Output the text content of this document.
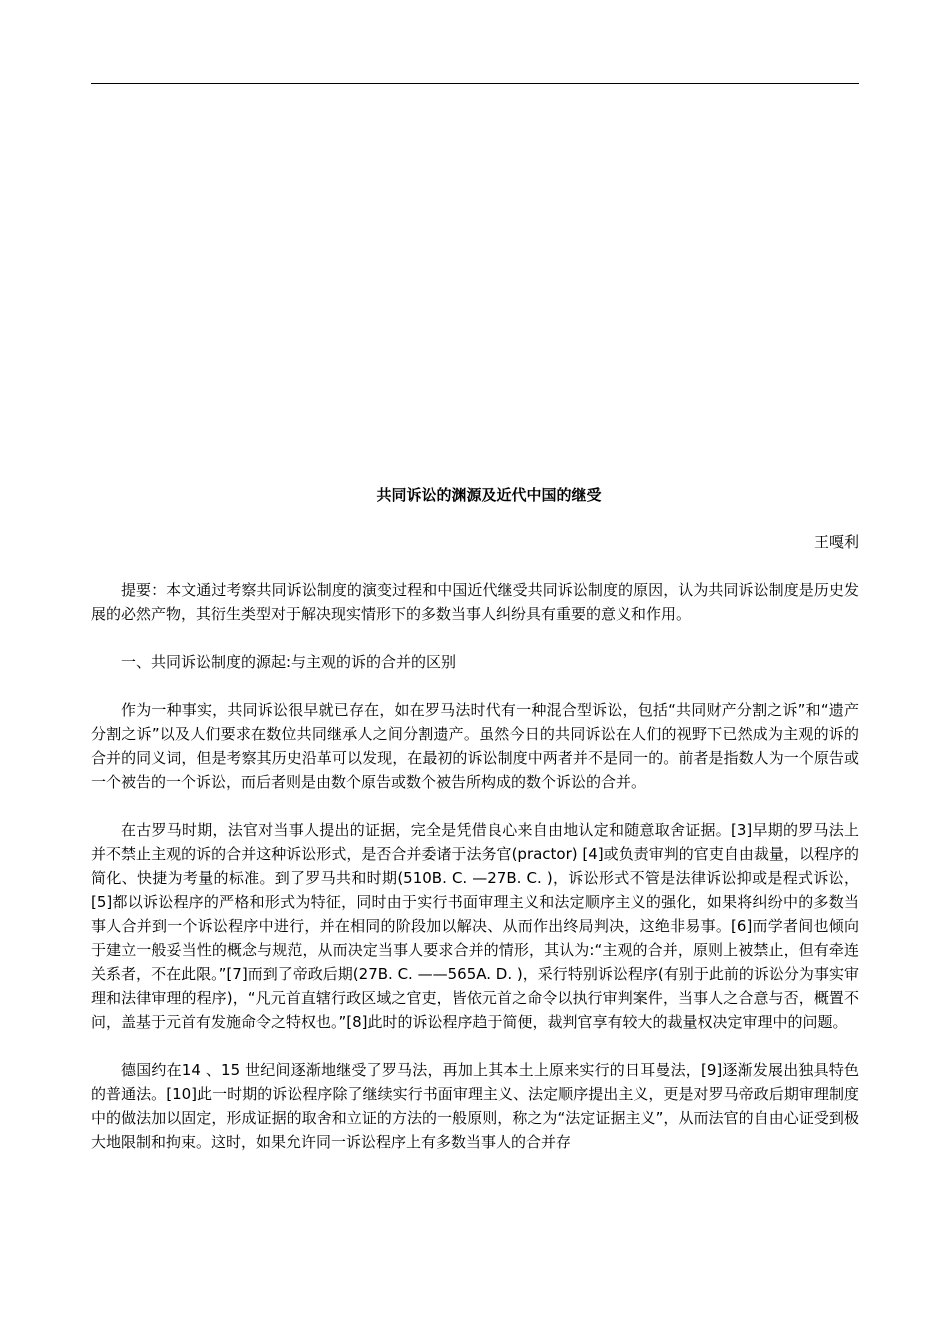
共同诉讼的渊源及近代中国的继受

王嘎利

提要：本文通过考察共同诉讼制度的演变过程和中国近代继受共同诉讼制度的原因，认为共同诉讼制度是历史发展的必然产物，其衍生类型对于解决现实情形下的多数当事人纠纷具有重要的意义和作用。

一、共同诉讼制度的源起:与主观的诉的合并的区别

作为一种事实，共同诉讼很早就已存在，如在罗马法时代有一种混合型诉讼，包括“共同财产分割之诉”和“遗产分割之诉”以及人们要求在数位共同继承人之间分割遗产。虽然今日的共同诉讼在人们的视野下已然成为主观的诉的合并的同义词，但是考察其历史沿革可以发现，在最初的诉讼制度中两者并不是同一的。前者是指数人为一个原告或一个被告的一个诉讼，而后者则是由数个原告或数个被告所构成的数个诉讼的合并。

在古罗马时期，法官对当事人提出的证据，完全是凭借良心来自由地认定和随意取舍证据。[3]早期的罗马法上并不禁止主观的诉的合并这种诉讼形式，是否合并委诸于法务官(practor) [4]或负责审判的官吏自由裁量，以程序的简化、快捷为考量的标准。到了罗马共和时期(510B. C. —27B. C. )，诉讼形式不管是法律诉讼抑或是程式诉讼，[5]都以诉讼程序的严格和形式为特征，同时由于实行书面审理主义和法定顺序主义的强化，如果将纠纷中的多数当事人合并到一个诉讼程序中进行，并在相同的阶段加以解决、从而作出终局判决，这绝非易事。[6]而学者间也倾向于建立一般妥当性的概念与规范，从而决定当事人要求合并的情形，其认为:“主观的合并，原则上被禁止，但有牵连关系者，不在此限。”[7]而到了帝政后期(27B. C. ——565A. D. )，采行特别诉讼程序(有别于此前的诉讼分为事实审理和法律审理的程序)，“凡元首直辖行政区域之官吏，皆依元首之命令以执行审判案件，当事人之合意与否，概置不问，盖基于元首有发施命令之特权也。”[8]此时的诉讼程序趋于简便，裁判官享有较大的裁量权决定审理中的问题。

德国约在14 、15 世纪间逐渐地继受了罗马法，再加上其本土上原来实行的日耳曼法，[9]逐渐发展出独具特色的普通法。[10]此一时期的诉讼程序除了继续实行书面审理主义、法定顺序提出主义，更是对罗马帝政后期审理制度中的做法加以固定，形成证据的取舍和立证的方法的一般原则，称之为“法定证据主义”，从而法官的自由心证受到极大地限制和拘束。这时，如果允许同一诉讼程序上有多数当事人的合并存
